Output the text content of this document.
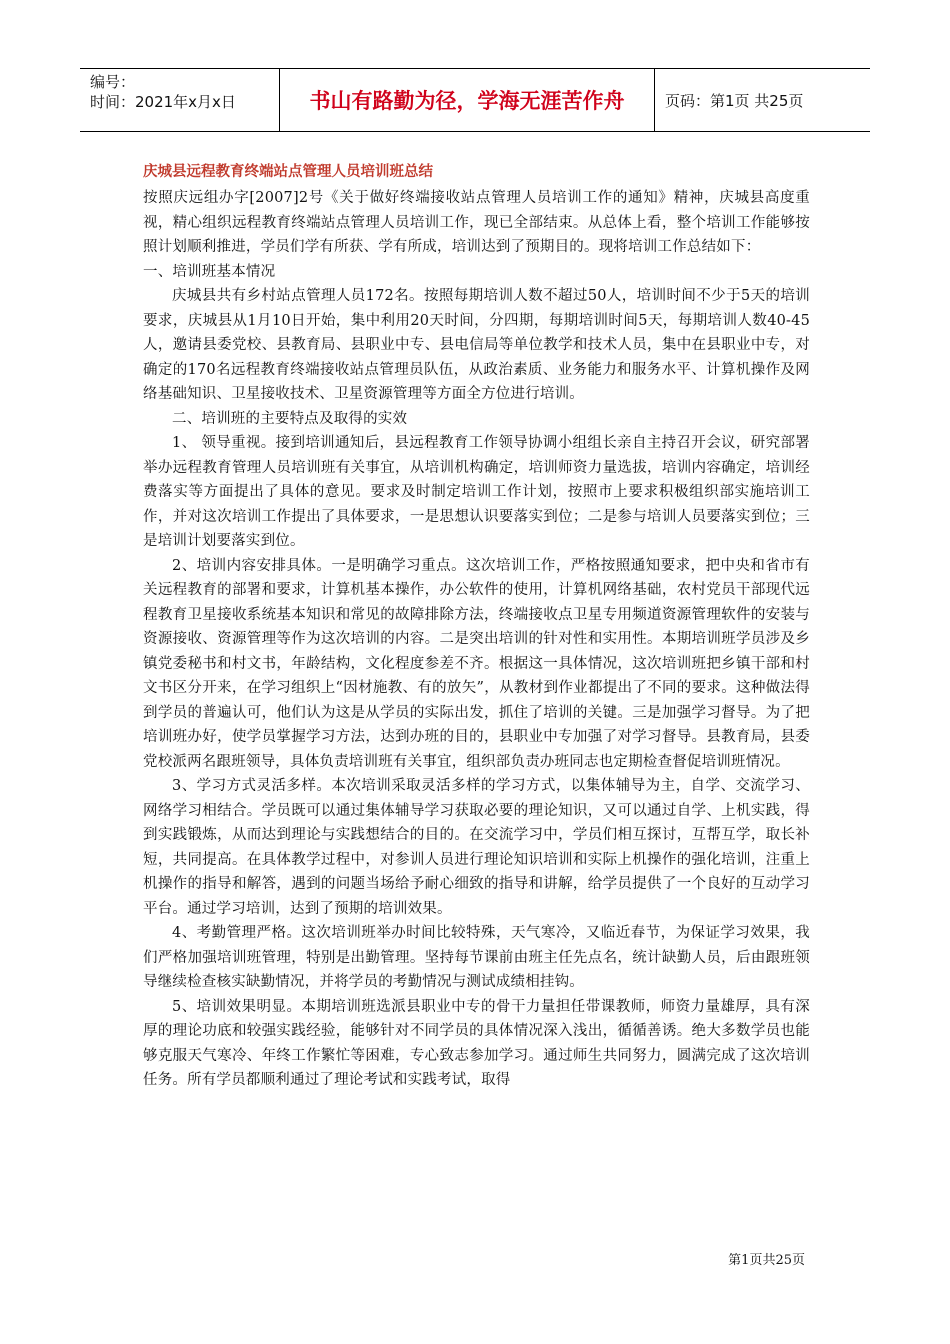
编号：
时间：2021年x月x日	书山有路勤为径，学海无涯苦作舟	页码：第1页 共25页
庆城县远程教育终端站点管理人员培训班总结

按照庆远组办字[2007]2号《关于做好终端接收站点管理人员培训工作的通知》精神，庆城县高度重视，精心组织远程教育终端站点管理人员培训工作，现已全部结束。从总体上看，整个培训工作能够按照计划顺利推进，学员们学有所获、学有所成，培训达到了预期目的。现将培训工作总结如下：

一、培训班基本情况

庆城县共有乡村站点管理人员172名。按照每期培训人数不超过50人，培训时间不少于5天的培训要求，庆城县从1月10日开始，集中利用20天时间，分四期，每期培训时间5天，每期培训人数40-45人，邀请县委党校、县教育局、县职业中专、县电信局等单位教学和技术人员，集中在县职业中专，对确定的170名远程教育终端接收站点管理员队伍，从政治素质、业务能力和服务水平、计算机操作及网络基础知识、卫星接收技术、卫星资源管理等方面全方位进行培训。

二、培训班的主要特点及取得的实效

1、 领导重视。接到培训通知后，县远程教育工作领导协调小组组长亲自主持召开会议，研究部署举办远程教育管理人员培训班有关事宜，从培训机构确定，培训师资力量选拔，培训内容确定，培训经费落实等方面提出了具体的意见。要求及时制定培训工作计划，按照市上要求积极组织部实施培训工作，并对这次培训工作提出了具体要求，一是思想认识要落实到位；二是参与培训人员要落实到位；三是培训计划要落实到位。

2、培训内容安排具体。一是明确学习重点。这次培训工作，严格按照通知要求，把中央和省市有关远程教育的部署和要求，计算机基本操作，办公软件的使用，计算机网络基础，农村党员干部现代远程教育卫星接收系统基本知识和常见的故障排除方法，终端接收点卫星专用频道资源管理软件的安装与资源接收、资源管理等作为这次培训的内容。二是突出培训的针对性和实用性。本期培训班学员涉及乡镇党委秘书和村文书，年龄结构，文化程度参差不齐。根据这一具体情况，这次培训班把乡镇干部和村文书区分开来，在学习组织上“因材施教、有的放矢”，从教材到作业都提出了不同的要求。这种做法得到学员的普遍认可，他们认为这是从学员的实际出发，抓住了培训的关键。三是加强学习督导。为了把培训班办好，使学员掌握学习方法，达到办班的目的，县职业中专加强了对学习督导。县教育局，县委党校派两名跟班领导，具体负责培训班有关事宜，组织部负责办班同志也定期检查督促培训班情况。

3、学习方式灵活多样。本次培训采取灵活多样的学习方式，以集体辅导为主，自学、交流学习、网络学习相结合。学员既可以通过集体辅导学习获取必要的理论知识，又可以通过自学、上机实践，得到实践锻炼，从而达到理论与实践想结合的目的。在交流学习中，学员们相互探讨，互帮互学，取长补短，共同提高。在具体教学过程中，对参训人员进行理论知识培训和实际上机操作的强化培训，注重上机操作的指导和解答，遇到的问题当场给予耐心细致的指导和讲解，给学员提供了一个良好的互动学习平台。通过学习培训，达到了预期的培训效果。

4、考勤管理严格。这次培训班举办时间比较特殊，天气寒冷，又临近春节，为保证学习效果，我们严格加强培训班管理，特别是出勤管理。坚持每节课前由班主任先点名，统计缺勤人员，后由跟班领导继续检查核实缺勤情况，并将学员的考勤情况与测试成绩相挂钩。

5、培训效果明显。本期培训班选派县职业中专的骨干力量担任带课教师，师资力量雄厚，具有深厚的理论功底和较强实践经验，能够针对不同学员的具体情况深入浅出，循循善诱。绝大多数学员也能够克服天气寒冷、年终工作繁忙等困难，专心致志参加学习。通过师生共同努力，圆满完成了这次培训任务。所有学员都顺利通过了理论考试和实践考试，取得

第1页共25页
